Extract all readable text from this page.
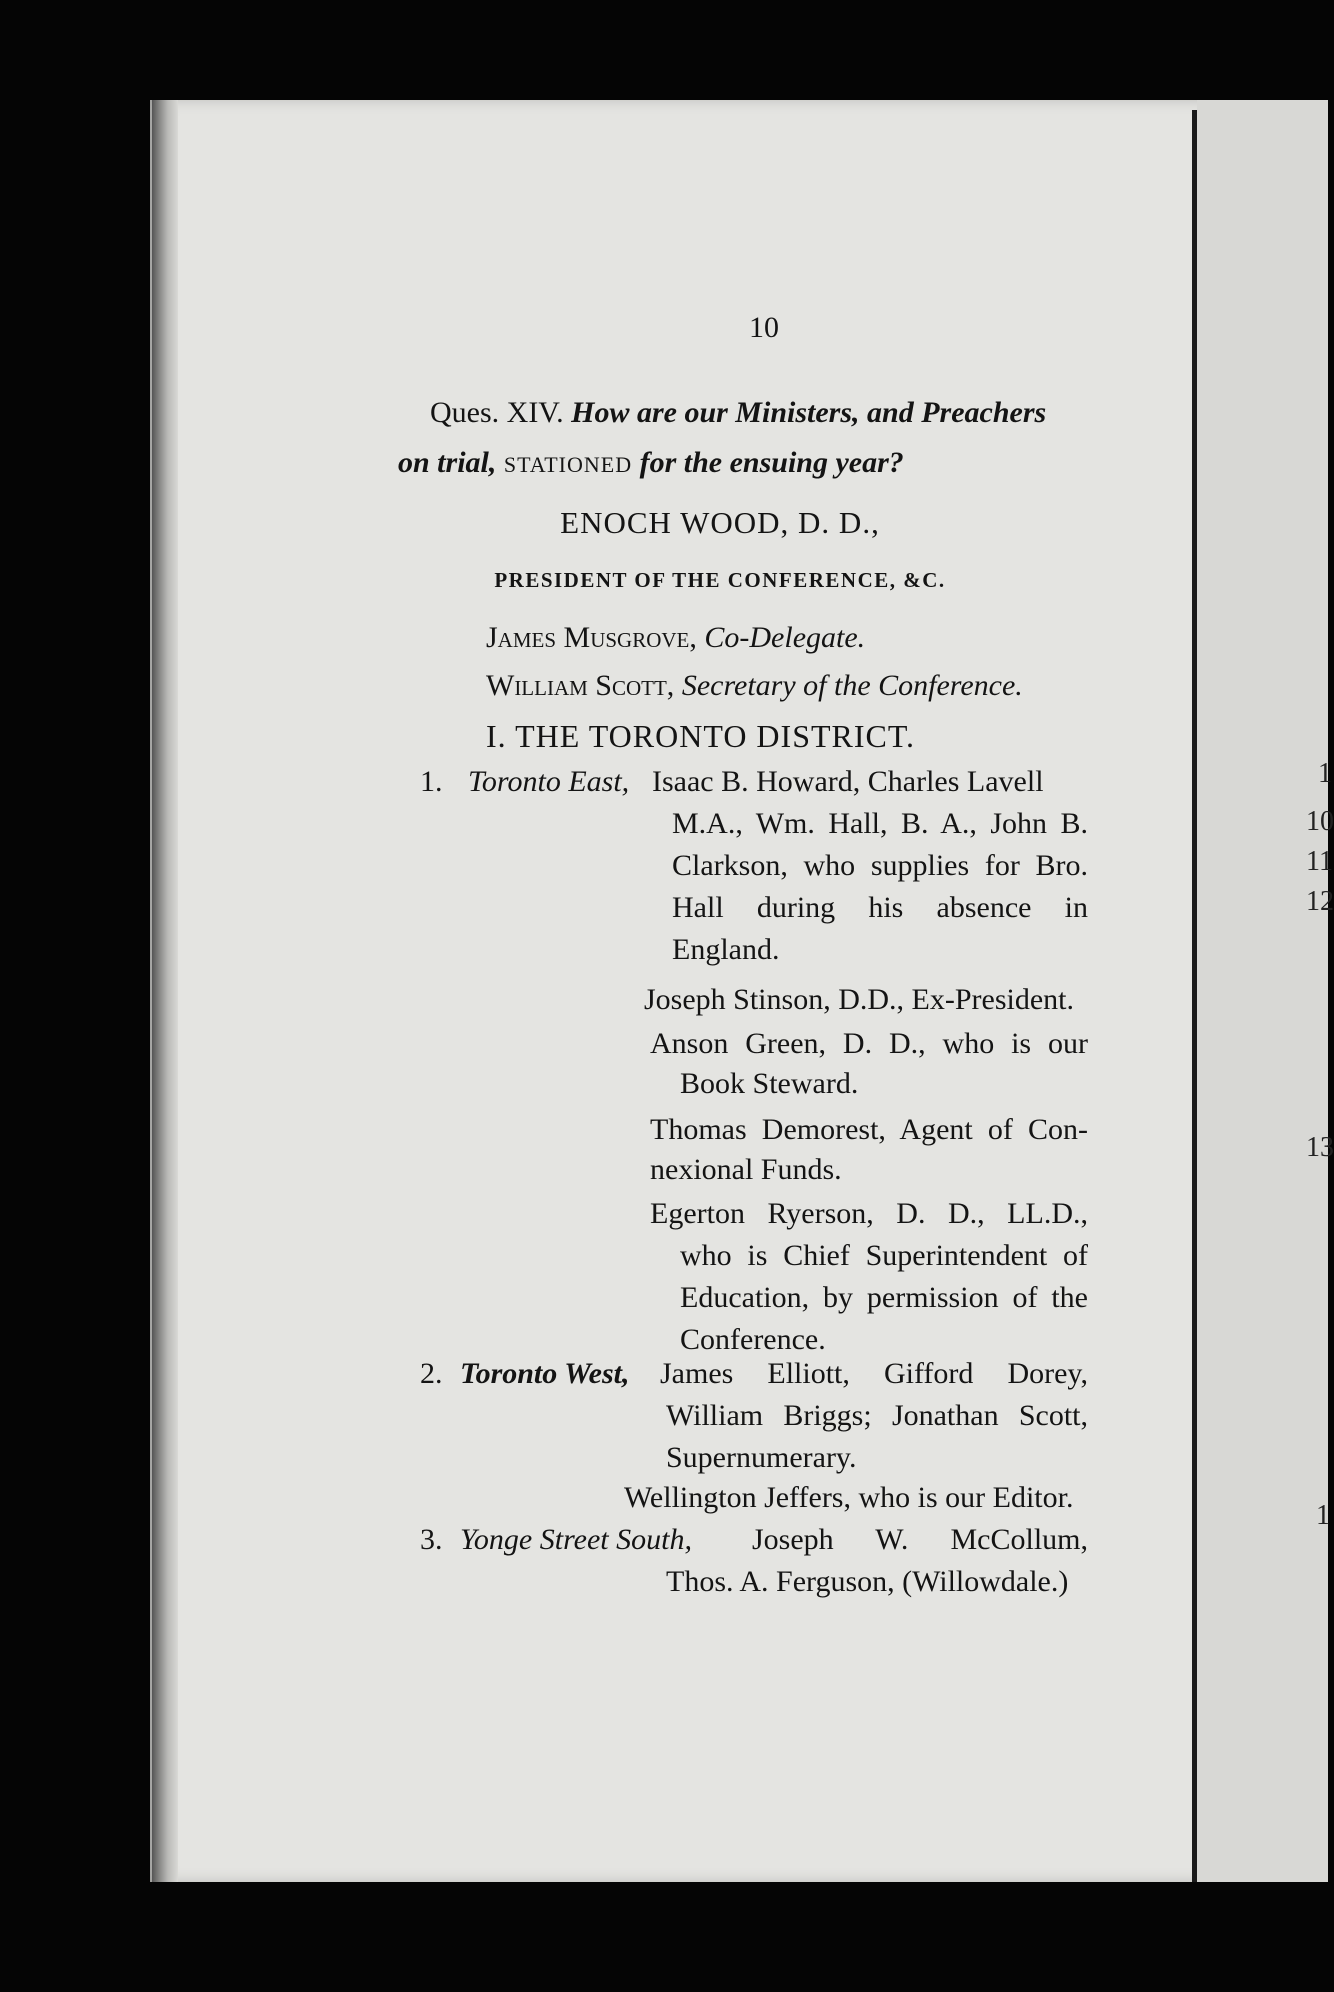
10
Ques. XIV. How are our Ministers, and Preachers
on trial, STATIONED for the ensuing year?
ENOCH WOOD, D. D.,
PRESIDENT OF THE CONFERENCE, &C.
James Musgrove, Co-Delegate.
William Scott, Secretary of the Conference.
I. THE TORONTO DISTRICT.
1. Toronto East, Isaac B. Howard, Charles Lavell
M.A., Wm. Hall, B. A., John B.
Clarkson, who supplies for Bro.
Hall during his absence in
England.
Joseph Stinson, D.D., Ex-President.
Anson Green, D. D., who is our
Book Steward.
Thomas Demorest, Agent of Con-
nexional Funds.
Egerton Ryerson, D. D., LL.D.,
who is Chief Superintendent of
Education, by permission of the
Conference.
2. Toronto West, James Elliott, Gifford Dorey,
William Briggs; Jonathan Scott,
Supernumerary.
Wellington Jeffers, who is our Editor.
3. Yonge Street South, Joseph W. McCollum,
Thos. A. Ferguson, (Willowdale.)
1
10
11
12
13
1
